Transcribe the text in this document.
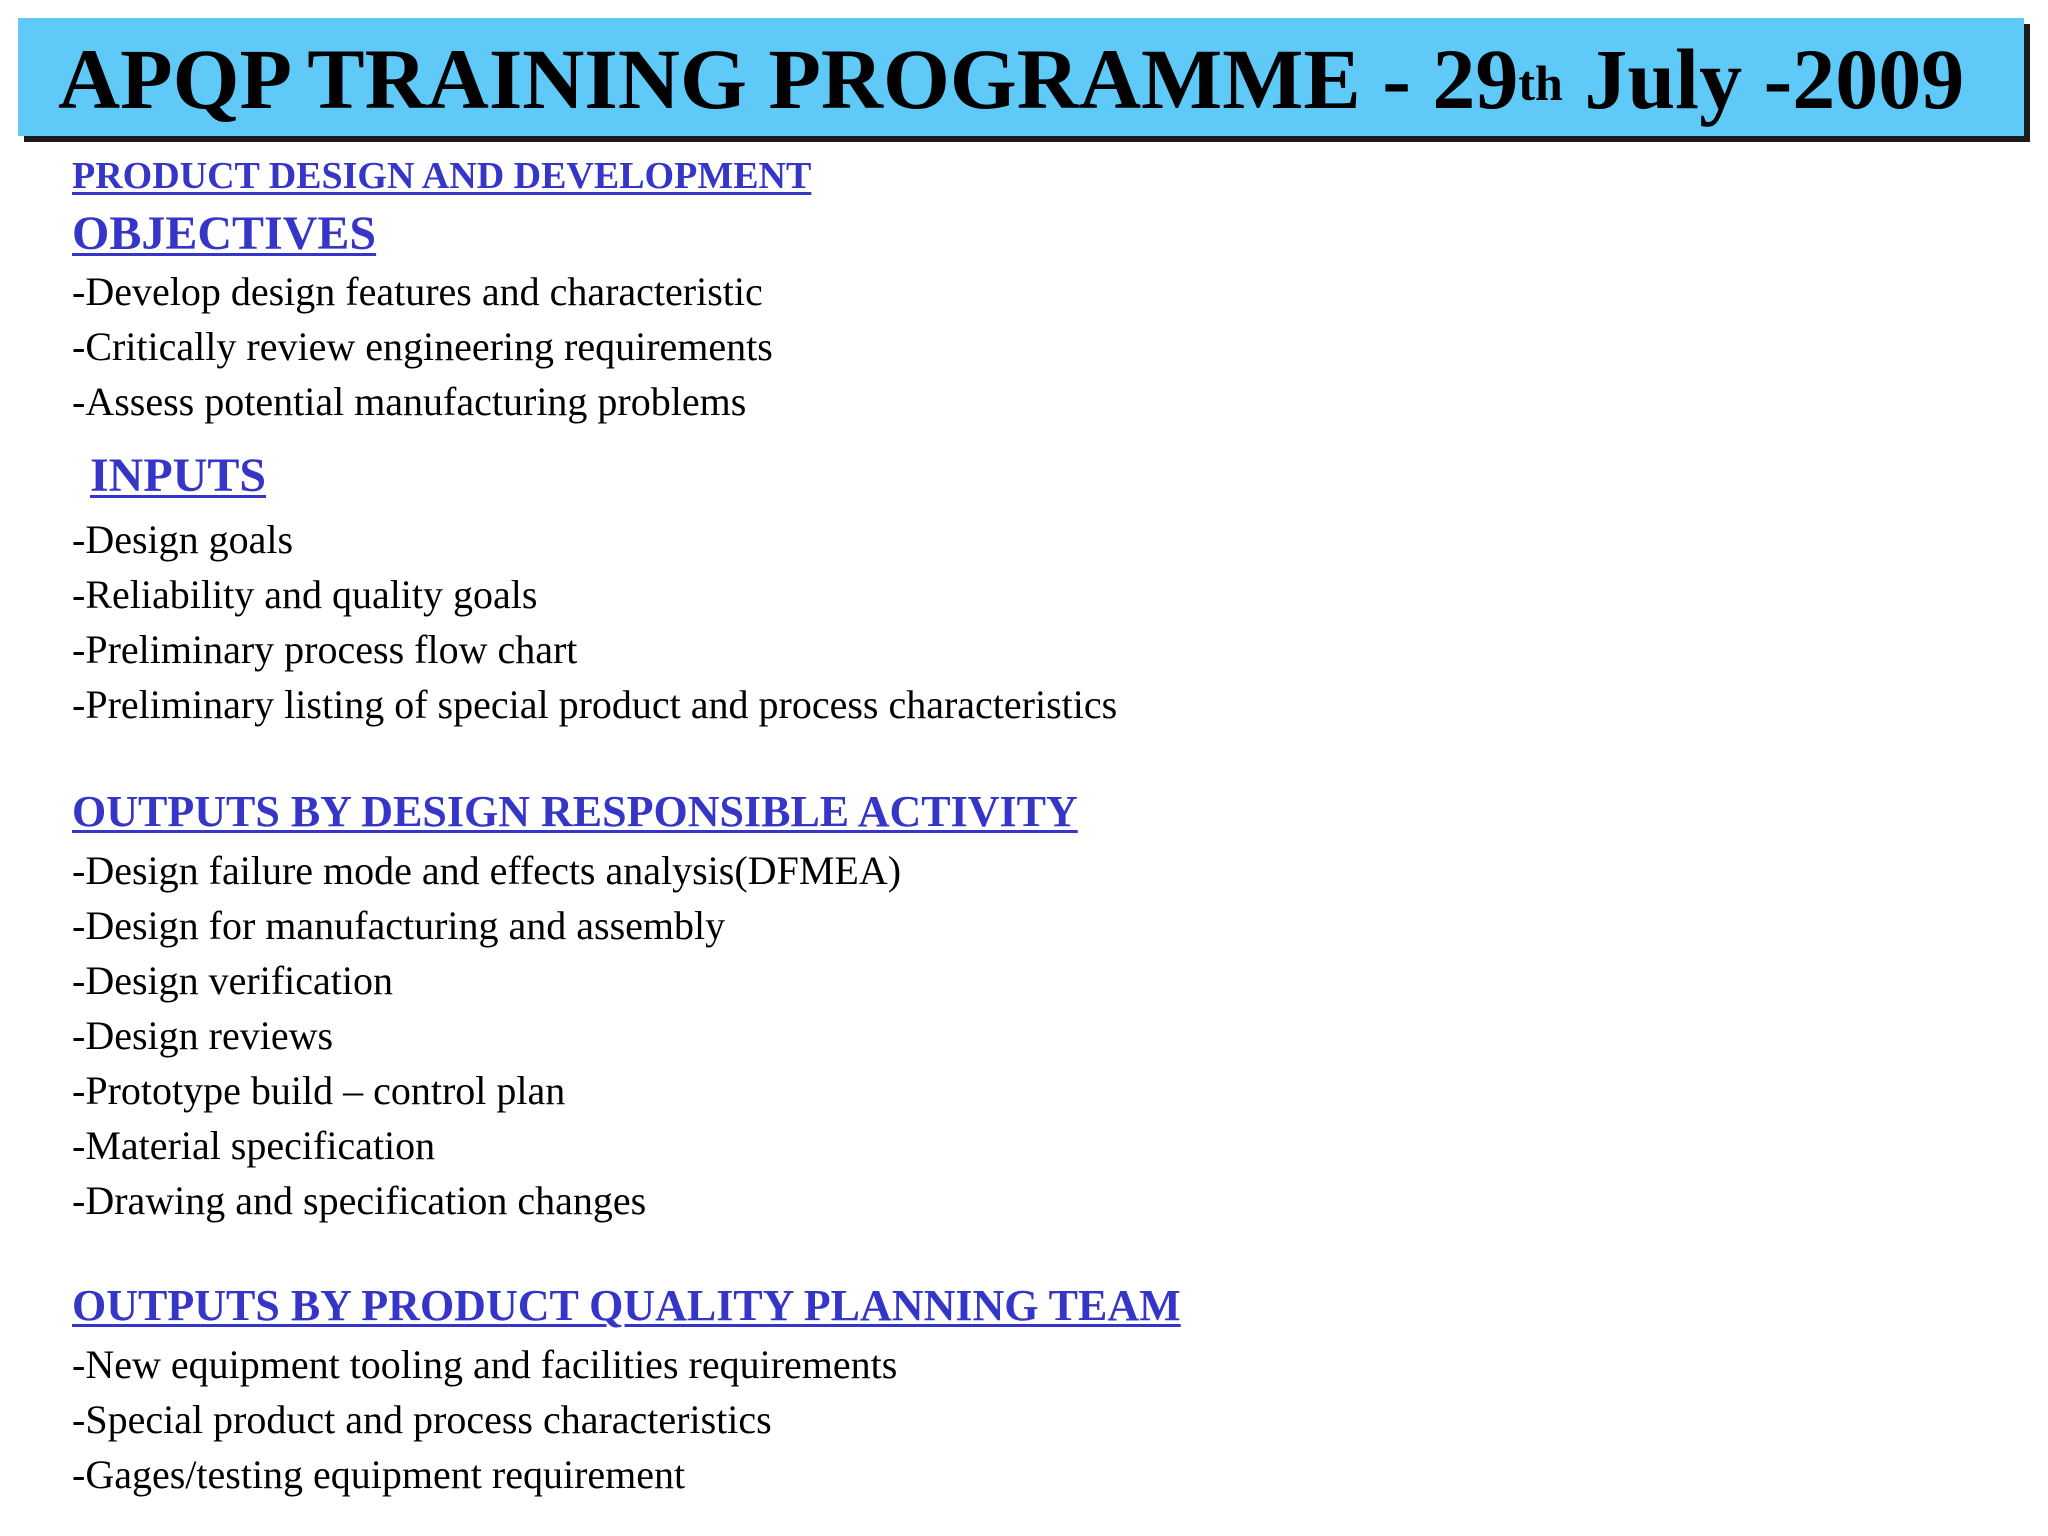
APQP TRAINING PROGRAMME - 29th July -2009
PRODUCT DESIGN AND DEVELOPMENT
OBJECTIVES
-Develop design features and characteristic
-Critically review engineering requirements
-Assess potential manufacturing problems
INPUTS
-Design goals
-Reliability and quality goals
-Preliminary process flow chart
-Preliminary listing of special product and process characteristics
OUTPUTS BY DESIGN RESPONSIBLE ACTIVITY
-Design failure mode and effects analysis(DFMEA)
-Design for manufacturing and assembly
-Design verification
-Design reviews
-Prototype build – control plan
-Material specification
-Drawing and specification changes
OUTPUTS BY PRODUCT QUALITY PLANNING TEAM
-New equipment tooling and facilities requirements
-Special product and process characteristics
-Gages/testing equipment requirement
